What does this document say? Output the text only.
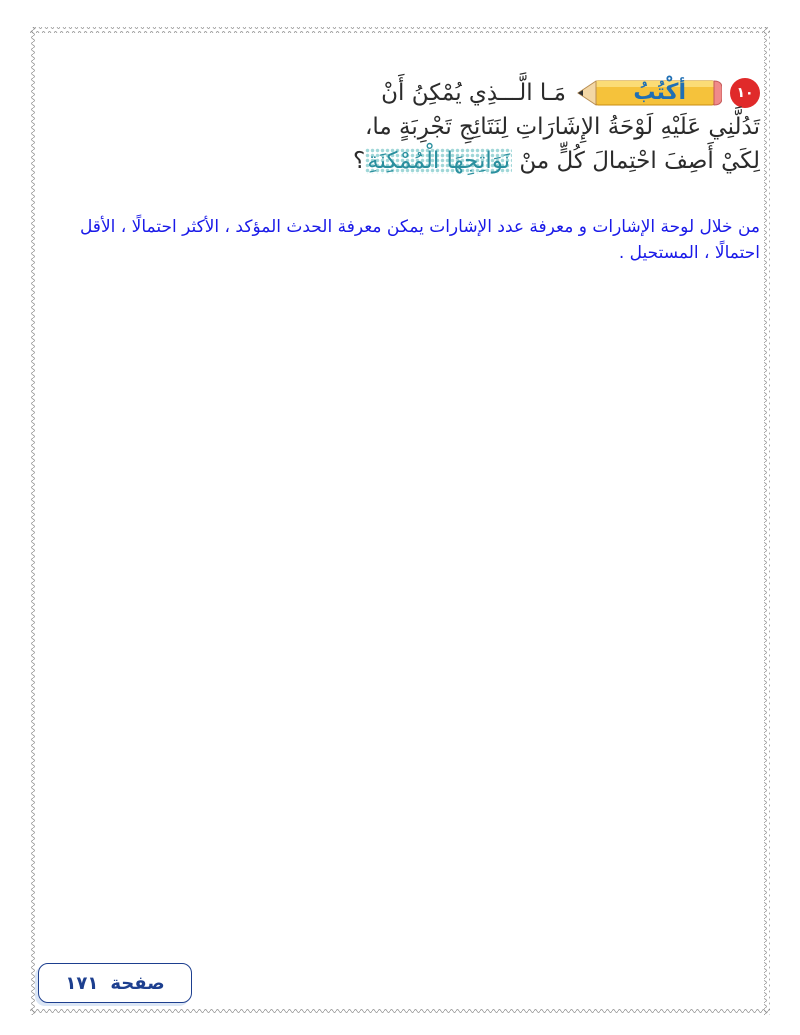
١٠
أكْتُبُ
مَـا الَّـــذِي يُمْكِنُ أَنْ
تَدُلَّنِي عَلَيْهِ لَوْحَةُ الإِشَارَاتِ لِنَتَائِجِ تَجْرِبَةٍ ما،
لِكَيْ أَصِفَ احْتِمالَ كُلٍّ منْ نَوَاتِجِهَا الْمُمْكِنَةِ؟
من خلال لوحة الإشارات و معرفة عدد الإشارات يمكن معرفة الحدث المؤكد ، الأكثر احتمالًا ، الأقل احتمالًا ، المستحيل .
صفحة
١٧١
